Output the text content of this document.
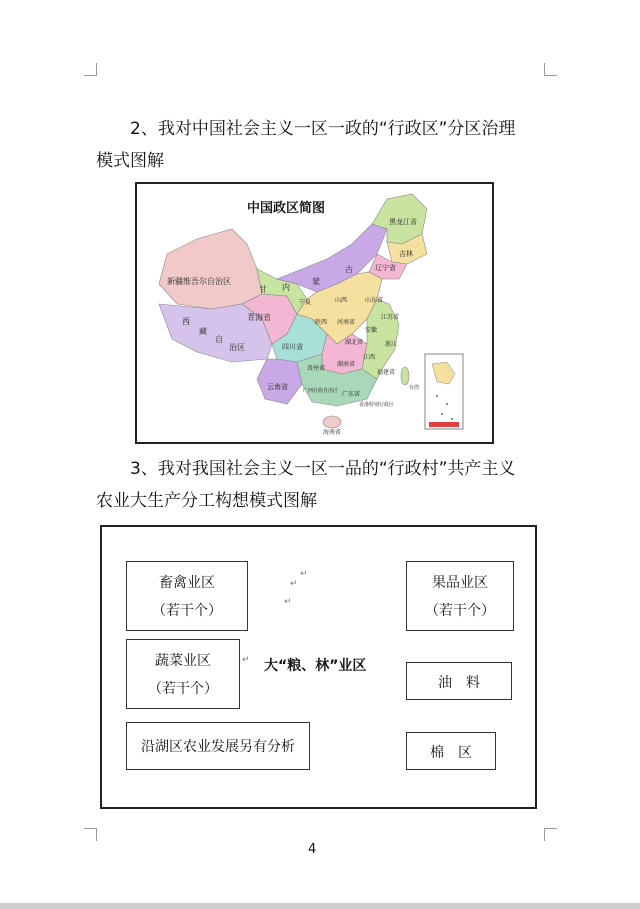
2、我对中国社会主义一区一政的“行政区”分区治理
模式图解
中国政区简图
新疆维吾尔自治区
西
藏
自
治区
青海省
甘 内
蒙
古
黑龙江省
吉林
辽宁省
宁夏
陕西
山西
河南省
山东省
江苏省
安徽
湖北省
四川省
江西
浙江
湖南省
贵州省
福建省
云南省	广西壮族自治区 广东省
香港特别行政区
台湾
海南省
3、我对我国社会主义一区一品的“行政村”共产主义
农业大生产分工构想模式图解
畜禽业区
（若干个）
蔬菜业区
（若干个）
沿湖区农业发展另有分析
大“粮、林”业区
果品业区
（若干个）
油　料
棉　区
↵
↵
↵
↵
4
